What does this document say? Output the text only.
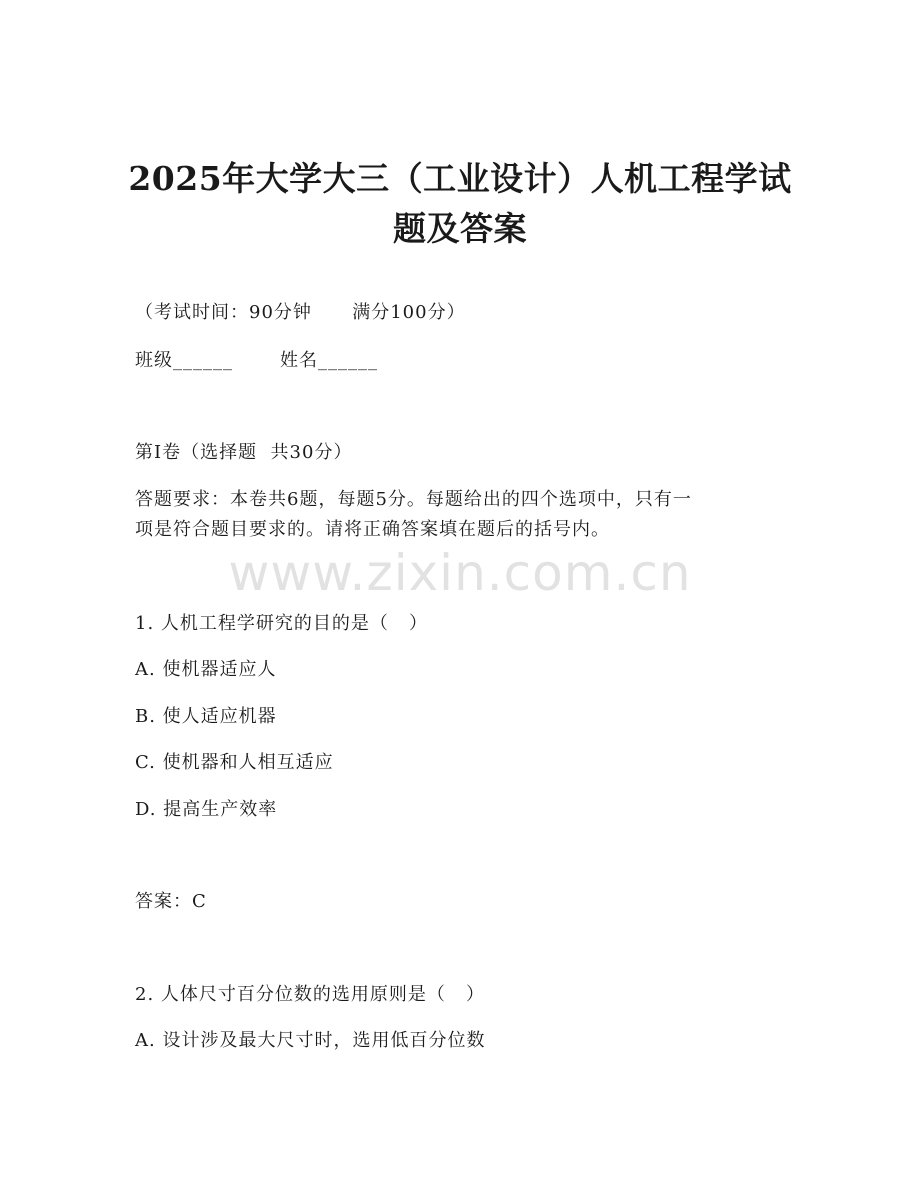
2025年大学大三（工业设计）人机工程学试
题及答案
（考试时间：90分钟      满分100分）
班级______       姓名______
第I卷（选择题  共30分）
答题要求：本卷共6题，每题5分。每题给出的四个选项中，只有一
项是符合题目要求的。请将正确答案填在题后的括号内。
www.zixin.com.cn
1. 人机工程学研究的目的是（   ）
A. 使机器适应人
B. 使人适应机器
C. 使机器和人相互适应
D. 提高生产效率
答案：C
2. 人体尺寸百分位数的选用原则是（   ）
A. 设计涉及最大尺寸时，选用低百分位数
